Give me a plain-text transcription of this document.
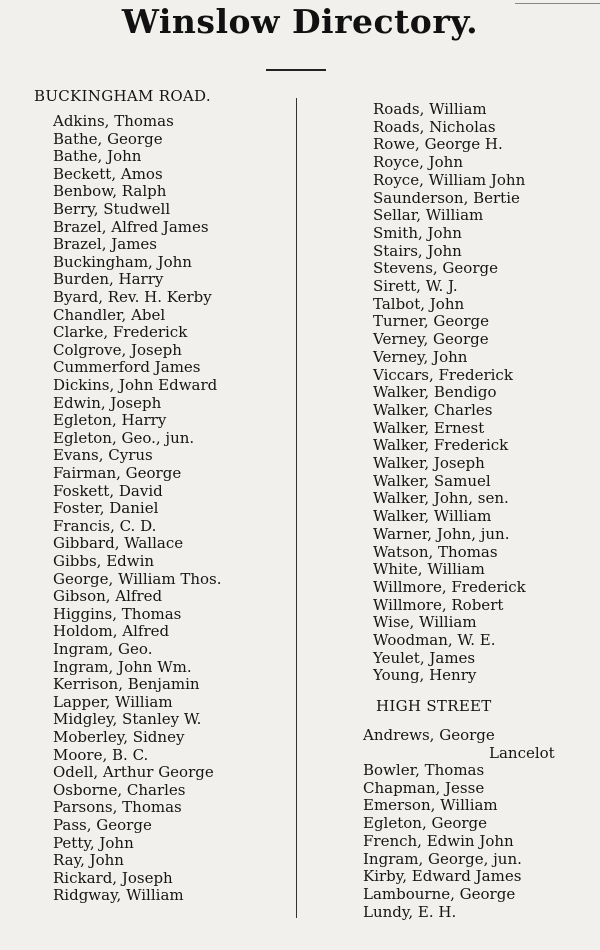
Winslow Directory.
BUCKINGHAM ROAD.
Adkins, Thomas
Bathe, George
Bathe, John
Beckett, Amos
Benbow, Ralph
Berry, Studwell
Brazel, Alfred James
Brazel, James
Buckingham, John
Burden, Harry
Byard, Rev. H. Kerby
Chandler, Abel
Clarke, Frederick
Colgrove, Joseph
Cummerford James
Dickins, John Edward
Edwin, Joseph
Egleton, Harry
Egleton, Geo., jun.
Evans, Cyrus
Fairman, George
Foskett, David
Foster, Daniel
Francis, C. D.
Gibbard, Wallace
Gibbs, Edwin
George, William Thos.
Gibson, Alfred
Higgins, Thomas
Holdom, Alfred
Ingram, Geo.
Ingram, John Wm.
Kerrison, Benjamin
Lapper, William
Midgley, Stanley W.
Moberley, Sidney
Moore, B. C.
Odell, Arthur George
Osborne, Charles
Parsons, Thomas
Pass, George
Petty, John
Ray, John
Rickard, Joseph
Ridgway, William
HIGH STREET
Andrews, George
Lancelot
Roads, William
Roads, Nicholas
Rowe, George H.
Royce, John
Royce, William John
Saunderson, Bertie
Sellar, William
Smith, John
Stairs, John
Stevens, George
Sirett, W. J.
Talbot, John
Turner, George
Verney, George
Verney, John
Viccars, Frederick
Walker, Bendigo
Walker, Charles
Walker, Ernest
Walker, Frederick
Walker, Joseph
Walker, Samuel
Walker, John, sen.
Walker, William
Warner, John, jun.
Watson, Thomas
White, William
Willmore, Frederick
Willmore, Robert
Wise, William
Woodman, W. E.
Yeulet, James
Young, Henry
Bowler, Thomas
Chapman, Jesse
Emerson, William
Egleton, George
French, Edwin John
Ingram, George, jun.
Kirby, Edward James
Lambourne, George
Lundy, E. H.
